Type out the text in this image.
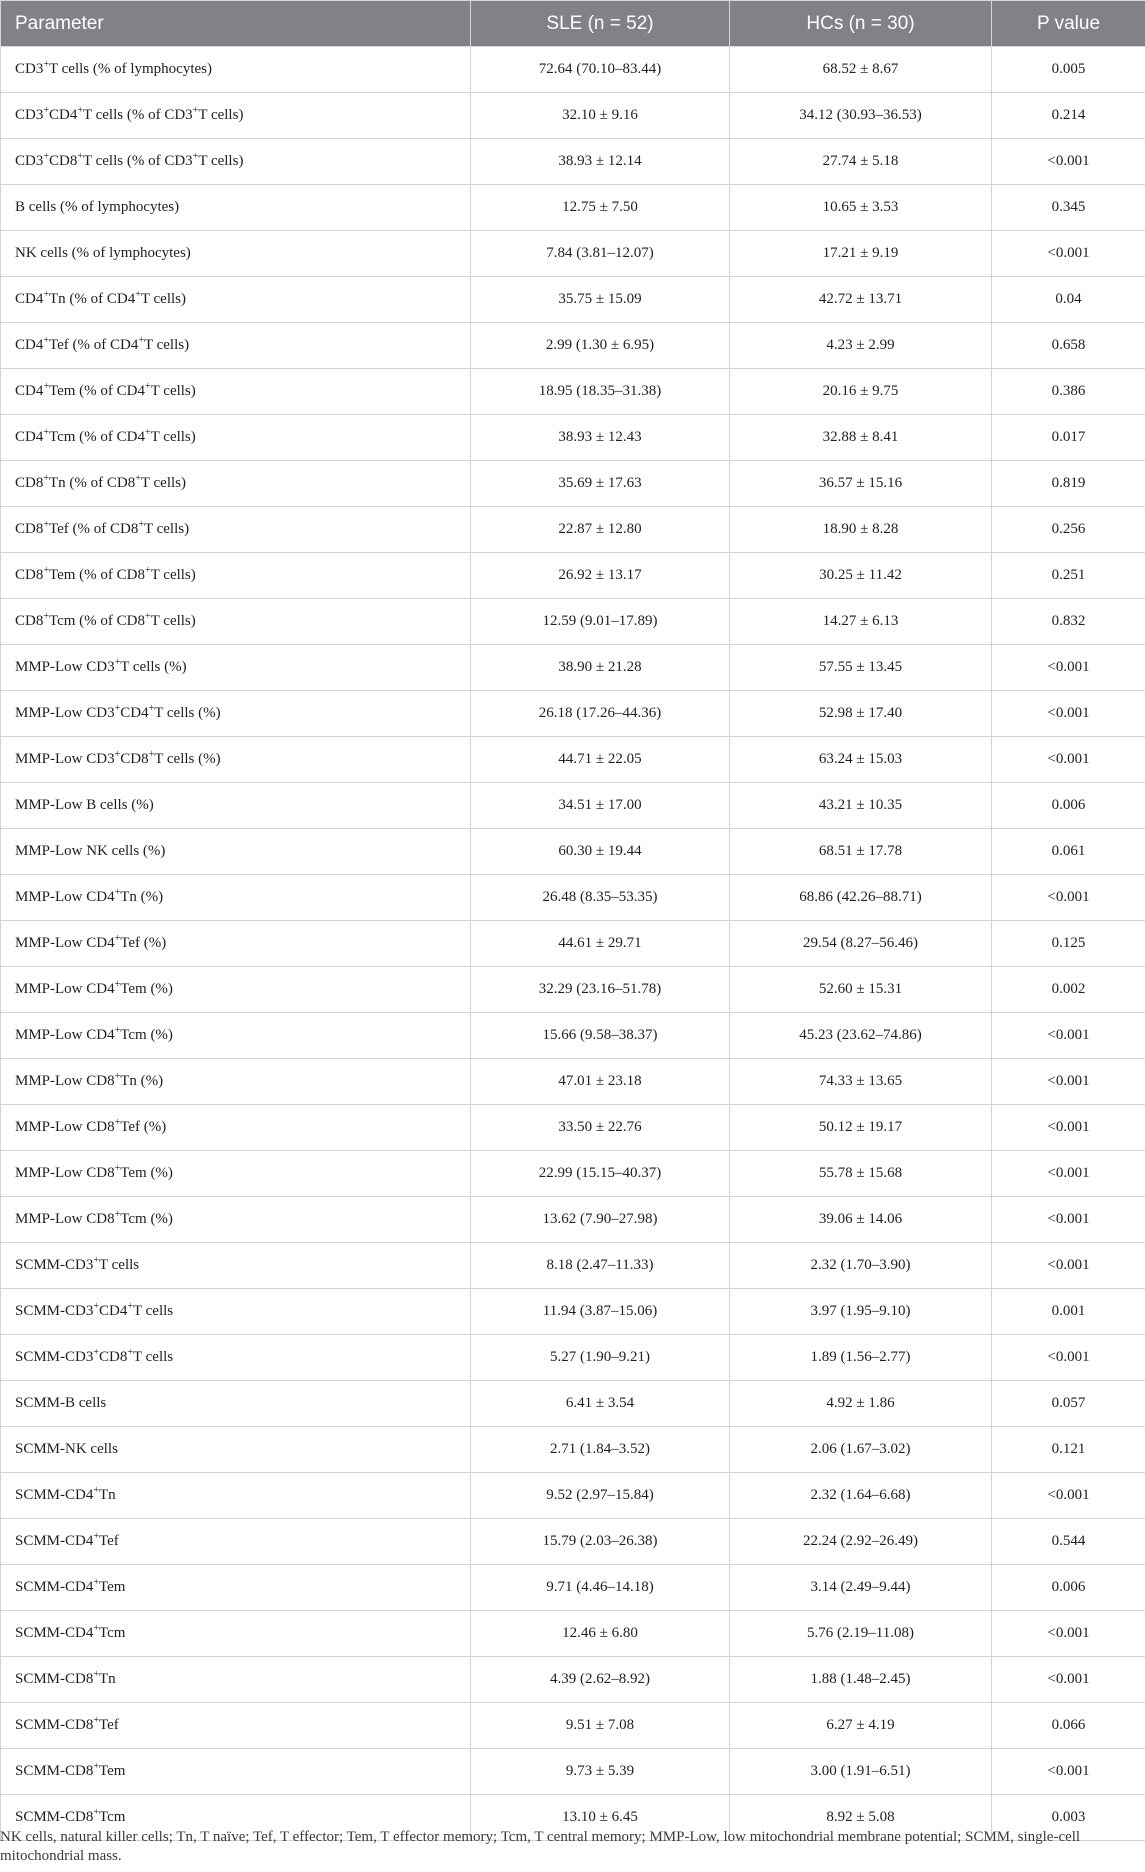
Parameter	SLE (n = 52)	HCs (n = 30)	P value
CD3+T cells (% of lymphocytes)	72.64 (70.10–83.44)	68.52 ± 8.67	0.005
CD3+CD4+T cells (% of CD3+T cells)	32.10 ± 9.16	34.12 (30.93–36.53)	0.214
CD3+CD8+T cells (% of CD3+T cells)	38.93 ± 12.14	27.74 ± 5.18	<0.001
B cells (% of lymphocytes)	12.75 ± 7.50	10.65 ± 3.53	0.345
NK cells (% of lymphocytes)	7.84 (3.81–12.07)	17.21 ± 9.19	<0.001
CD4+Tn (% of CD4+T cells)	35.75 ± 15.09	42.72 ± 13.71	0.04
CD4+Tef (% of CD4+T cells)	2.99 (1.30 ± 6.95)	4.23 ± 2.99	0.658
CD4+Tem (% of CD4+T cells)	18.95 (18.35–31.38)	20.16 ± 9.75	0.386
CD4+Tcm (% of CD4+T cells)	38.93 ± 12.43	32.88 ± 8.41	0.017
CD8+Tn (% of CD8+T cells)	35.69 ± 17.63	36.57 ± 15.16	0.819
CD8+Tef (% of CD8+T cells)	22.87 ± 12.80	18.90 ± 8.28	0.256
CD8+Tem (% of CD8+T cells)	26.92 ± 13.17	30.25 ± 11.42	0.251
CD8+Tcm (% of CD8+T cells)	12.59 (9.01–17.89)	14.27 ± 6.13	0.832
MMP-Low CD3+T cells (%)	38.90 ± 21.28	57.55 ± 13.45	<0.001
MMP-Low CD3+CD4+T cells (%)	26.18 (17.26–44.36)	52.98 ± 17.40	<0.001
MMP-Low CD3+CD8+T cells (%)	44.71 ± 22.05	63.24 ± 15.03	<0.001
MMP-Low B cells (%)	34.51 ± 17.00	43.21 ± 10.35	0.006
MMP-Low NK cells (%)	60.30 ± 19.44	68.51 ± 17.78	0.061
MMP-Low CD4+Tn (%)	26.48 (8.35–53.35)	68.86 (42.26–88.71)	<0.001
MMP-Low CD4+Tef (%)	44.61 ± 29.71	29.54 (8.27–56.46)	0.125
MMP-Low CD4+Tem (%)	32.29 (23.16–51.78)	52.60 ± 15.31	0.002
MMP-Low CD4+Tcm (%)	15.66 (9.58–38.37)	45.23 (23.62–74.86)	<0.001
MMP-Low CD8+Tn (%)	47.01 ± 23.18	74.33 ± 13.65	<0.001
MMP-Low CD8+Tef (%)	33.50 ± 22.76	50.12 ± 19.17	<0.001
MMP-Low CD8+Tem (%)	22.99 (15.15–40.37)	55.78 ± 15.68	<0.001
MMP-Low CD8+Tcm (%)	13.62 (7.90–27.98)	39.06 ± 14.06	<0.001
SCMM-CD3+T cells	8.18 (2.47–11.33)	2.32 (1.70–3.90)	<0.001
SCMM-CD3+CD4+T cells	11.94 (3.87–15.06)	3.97 (1.95–9.10)	0.001
SCMM-CD3+CD8+T cells	5.27 (1.90–9.21)	1.89 (1.56–2.77)	<0.001
SCMM-B cells	6.41 ± 3.54	4.92 ± 1.86	0.057
SCMM-NK cells	2.71 (1.84–3.52)	2.06 (1.67–3.02)	0.121
SCMM-CD4+Tn	9.52 (2.97–15.84)	2.32 (1.64–6.68)	<0.001
SCMM-CD4+Tef	15.79 (2.03–26.38)	22.24 (2.92–26.49)	0.544
SCMM-CD4+Tem	9.71 (4.46–14.18)	3.14 (2.49–9.44)	0.006
SCMM-CD4+Tcm	12.46 ± 6.80	5.76 (2.19–11.08)	<0.001
SCMM-CD8+Tn	4.39 (2.62–8.92)	1.88 (1.48–2.45)	<0.001
SCMM-CD8+Tef	9.51 ± 7.08	6.27 ± 4.19	0.066
SCMM-CD8+Tem	9.73 ± 5.39	3.00 (1.91–6.51)	<0.001
SCMM-CD8+Tcm	13.10 ± 6.45	8.92 ± 5.08	0.003

NK cells, natural killer cells; Tn, T naïve; Tef, T effector; Tem, T effector memory; Tcm, T central memory; MMP-Low, low mitochondrial membrane potential; SCMM, single-cell mitochondrial mass.
